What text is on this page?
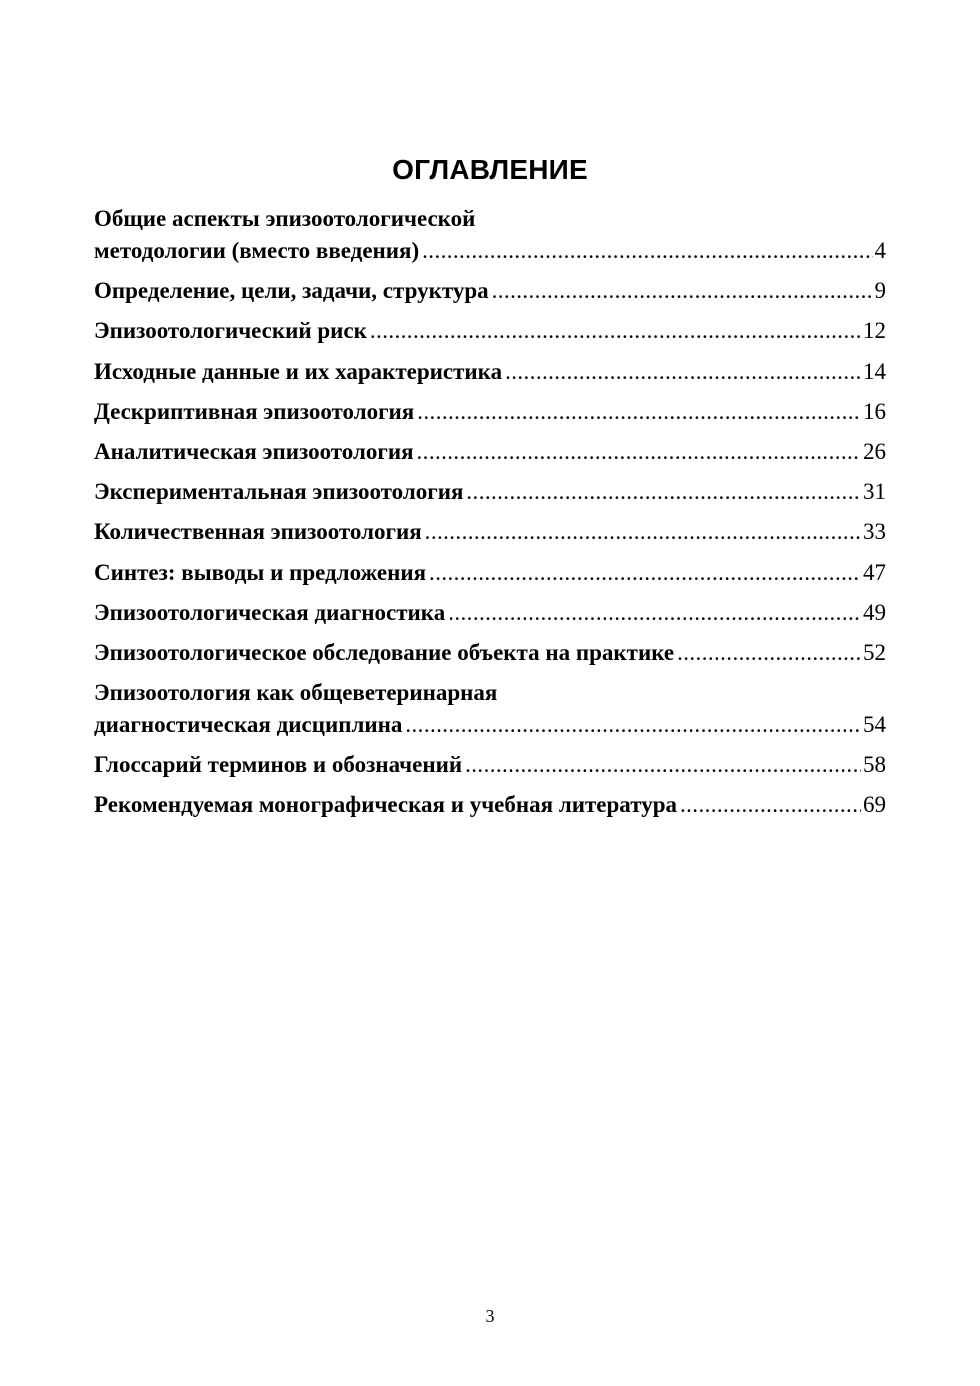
ОГЛАВЛЕНИЕ
Общие аспекты эпизоотологической
методологии (вместо введения) .....	4
Определение, цели, задачи, структура .....	9
Эпизоотологический риск .....	12
Исходные данные и их характеристика .....	14
Дескриптивная эпизоотология .....	16
Аналитическая эпизоотология .....	26
Экспериментальная эпизоотология .....	31
Количественная эпизоотология .....	33
Синтез: выводы и предложения .....	47
Эпизоотологическая диагностика .....	49
Эпизоотологическое обследование объекта на практике .....	52
Эпизоотология как общеветеринарная
диагностическая дисциплина .....	54
Глоссарий терминов и обозначений .....	58
Рекомендуемая монографическая и учебная литература .....	69
3
